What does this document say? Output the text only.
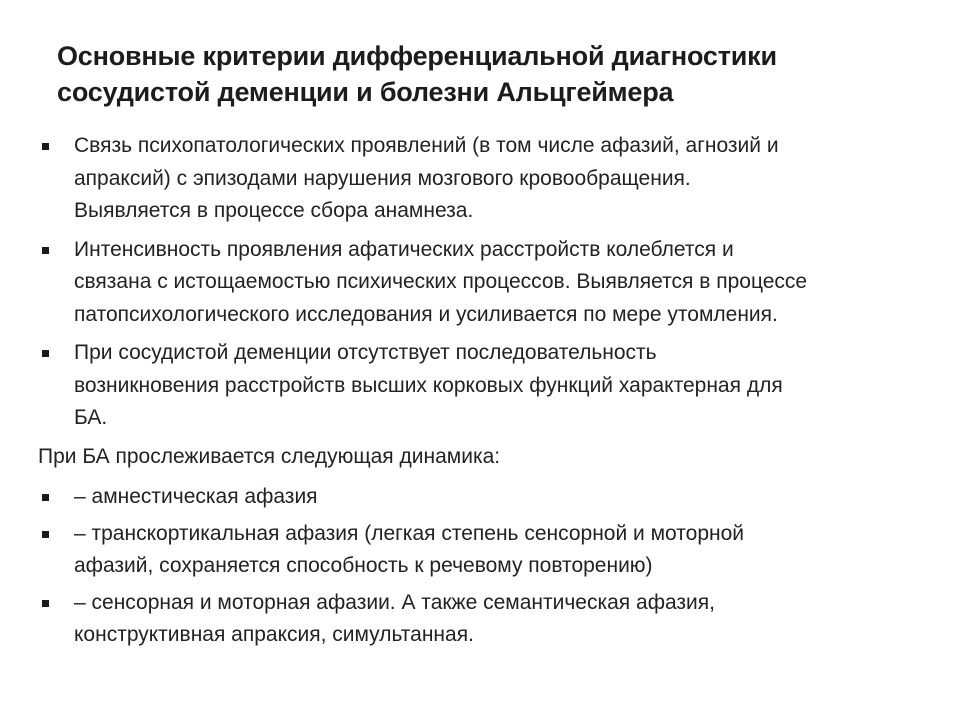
Основные критерии дифференциальной диагностики
сосудистой деменции и болезни Альцгеймера
Связь психопатологических проявлений (в том числе афазий, агнозий и
апраксий) с эпизодами нарушения мозгового кровообращения.
Выявляется в процессе сбора анамнеза.
Интенсивность проявления афатических расстройств колеблется и
связана с истощаемостью психических процессов. Выявляется в процессе
патопсихологического исследования и усиливается по мере утомления.
При сосудистой деменции отсутствует последовательность
возникновения расстройств высших корковых функций характерная для
БА.
При БА прослеживается следующая динамика:
– амнестическая афазия
– транскортикальная афазия (легкая степень сенсорной и моторной
афазий, сохраняется способность к речевому повторению)
– сенсорная и моторная афазии. А также семантическая афазия,
конструктивная апраксия, симультанная.
